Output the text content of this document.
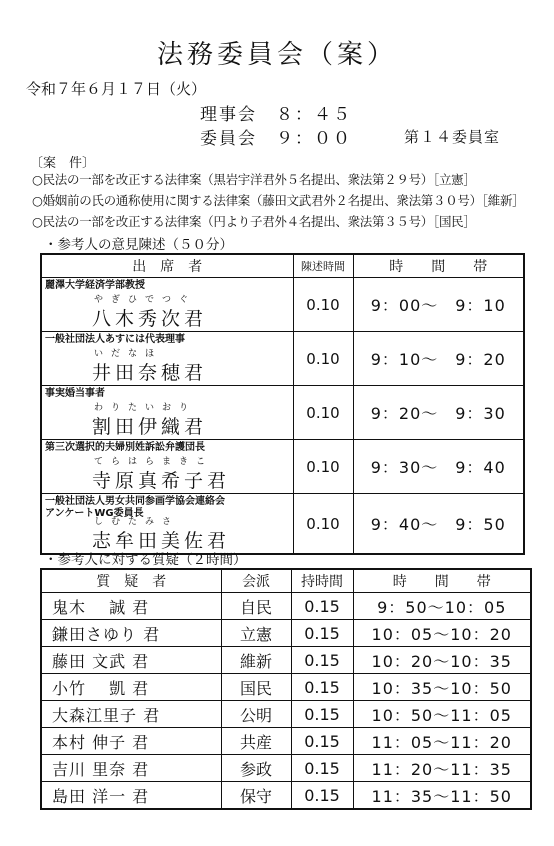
法務委員会（案）
令和７年６月１７日（火）
理事会　８：４５
委員会　９：００	第１４委員室
〔案　件〕
○民法の一部を改正する法律案（黒岩宇洋君外５名提出、衆法第２９号）［立憲］
○婚姻前の氏の通称使用に関する法律案（藤田文武君外２名提出、衆法第３０号）［維新］
○民法の一部を改正する法律案（円より子君外４名提出、衆法第３５号）［国民］
・参考人の意見陳述（５０分）
出　席　者	陳述時間	時　　間　　帯

麗澤大学経済学部教授
やぎひでつぐ
八木秀次君	0.10	9：00〜　9：10

一般社団法人あすには代表理事
いだなほ
井田奈穂君	0.10	9：10〜　9：20

事実婚当事者
わりたいおり
割田伊織君	0.10	9：20〜　9：30

第三次選択的夫婦別姓訴訟弁護団長
てらはらまきこ
寺原真希子君	0.10	9：30〜　9：40

一般社団法人男女共同参画学協会連絡会
アンケートWG委員長
しむたみさ
志牟田美佐君	0.10	9：40〜　9：50
・参考人に対する質疑（２時間）
質　疑　者	会派	持時間	時　　間　　帯
鬼木　 誠 君	自民	0.15	9：50〜10：05
鎌田さゆり 君	立憲	0.15	10：05〜10：20
藤田 文武 君	維新	0.15	10：20〜10：35
小竹　 凱 君	国民	0.15	10：35〜10：50
大森江里子 君	公明	0.15	10：50〜11：05
本村 伸子 君	共産	0.15	11：05〜11：20
吉川 里奈 君	参政	0.15	11：20〜11：35
島田 洋一 君	保守	0.15	11：35〜11：50
